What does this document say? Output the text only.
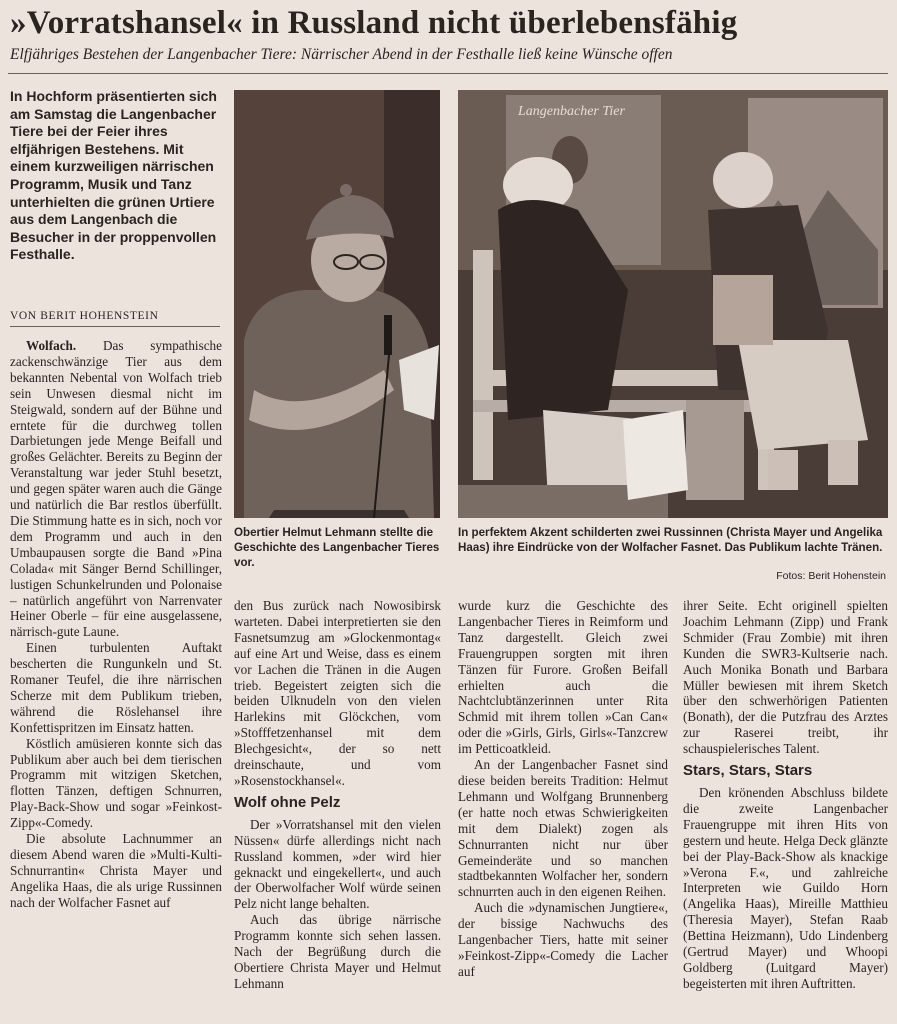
»Vorratshansel« in Russland nicht überlebensfähig
Elfjähriges Bestehen der Langenbacher Tiere: Närrischer Abend in der Festhalle ließ keine Wünsche offen

In Hochform präsentierten sich am Samstag die Langenbacher Tiere bei der Feier ihres elfjährigen Bestehens. Mit einem kurzweiligen närrischen Programm, Musik und Tanz unterhielten die grünen Urtiere aus dem Langenbach die Besucher in der proppenvollen Festhalle.

VON BERIT HOHENSTEIN

Wolfach. Das sympathische zackenschwänzige Tier aus dem bekannten Nebental von Wolfach trieb sein Unwesen diesmal nicht im Steigwald, sondern auf der Bühne und erntete für die durchweg tollen Darbietungen jede Menge Beifall und großes Gelächter. Bereits zu Beginn der Veranstaltung war jeder Stuhl besetzt, und gegen später waren auch die Gänge und natürlich die Bar restlos überfüllt. Die Stimmung hatte es in sich, noch vor dem Programm und auch in den Umbaupausen sorgte die Band »Pina Colada« mit Sänger Bernd Schillinger, lustigen Schunkelrunden und Polonaise – natürlich angeführt von Narrenvater Heiner Oberle – für eine ausgelassene, närrisch-gute Laune.

Einen turbulenten Auftakt bescherten die Rungunkeln und St. Romaner Teufel, die ihre närrischen Scherze mit dem Publikum trieben, während die Röslehansel ihre Konfettispritzen im Einsatz hatten.

Köstlich amüsieren konnte sich das Publikum aber auch bei dem tierischen Programm mit witzigen Sketchen, flotten Tänzen, deftigen Schnurren, Play-Back-Show und sogar »Feinkost-Zipp«-Comedy.

Die absolute Lachnummer an diesem Abend waren die »Multi-Kulti-Schnurrantin« Christa Mayer und Angelika Haas, die als urige Russinnen nach der Wolfacher Fasnet auf

Obertier Helmut Lehmann stellte die Geschichte des Langenbacher Tieres vor.
Langenbacher Tier
In perfektem Akzent schilderten zwei Russinnen (Christa Mayer und Angelika Haas) ihre Eindrücke von der Wolfacher Fasnet. Das Publikum lachte Tränen.
Fotos: Berit Hohenstein

den Bus zurück nach Nowosibirsk warteten. Dabei interpretierten sie den Fasnetsumzug am »Glockenmontag« auf eine Art und Weise, dass es einem vor Lachen die Tränen in die Augen trieb. Begeistert zeigten sich die beiden Ulknudeln von den vielen Harlekins mit Glöckchen, vom »Stofffetzenhansel mit dem Blechgesicht«, der so nett dreinschaute, und vom »Rosenstockhansel«.

Wolf ohne Pelz

Der »Vorratshansel mit den vielen Nüssen« dürfe allerdings nicht nach Russland kommen, »der wird hier geknackt und eingekellert«, und auch der Oberwolfacher Wolf würde seinen Pelz nicht lange behalten.

Auch das übrige närrische Programm konnte sich sehen lassen. Nach der Begrüßung durch die Obertiere Christa Mayer und Helmut Lehmann

wurde kurz die Geschichte des Langenbacher Tieres in Reimform und Tanz dargestellt. Gleich zwei Frauengruppen sorgten mit ihren Tänzen für Furore. Großen Beifall erhielten auch die Nachtclubtänzerinnen unter Rita Schmid mit ihrem tollen »Can Can« oder die »Girls, Girls, Girls«-Tanzcrew im Petticoatkleid.

An der Langenbacher Fasnet sind diese beiden bereits Tradition: Helmut Lehmann und Wolfgang Brunnenberg (er hatte noch etwas Schwierigkeiten mit dem Dialekt) zogen als Schnurranten nicht nur über Gemeinderäte und so manchen stadtbekannten Wolfacher her, sondern schnurrten auch in den eigenen Reihen.

Auch die »dynamischen Jungtiere«, der bissige Nachwuchs des Langenbacher Tiers, hatte mit seiner »Feinkost-Zipp«-Comedy die Lacher auf

ihrer Seite. Echt originell spielten Joachim Lehmann (Zipp) und Frank Schmider (Frau Zombie) mit ihren Kunden die SWR3-Kultserie nach. Auch Monika Bonath und Barbara Müller bewiesen mit ihrem Sketch über den schwerhörigen Patienten (Bonath), der die Putzfrau des Arztes zur Raserei treibt, ihr schauspielerisches Talent.

Stars, Stars, Stars

Den krönenden Abschluss bildete die zweite Langenbacher Frauengruppe mit ihren Hits von gestern und heute. Helga Deck glänzte bei der Play-Back-Show als knackige »Verona F.«, und zahlreiche Interpreten wie Guildo Horn (Angelika Haas), Mireille Matthieu (Theresia Mayer), Stefan Raab (Bettina Heizmann), Udo Lindenberg (Gertrud Mayer) und Whoopi Goldberg (Luitgard Mayer) begeisterten mit ihren Auftritten.
